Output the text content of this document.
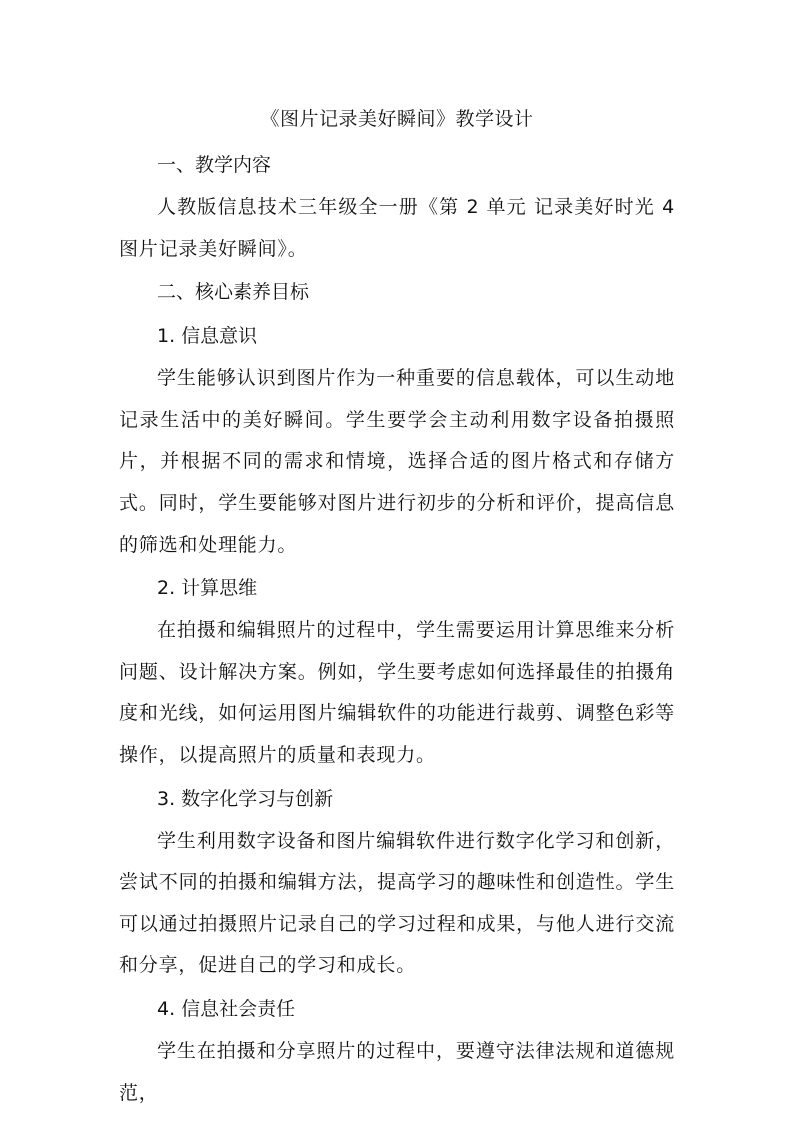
《图片记录美好瞬间》教学设计

一、教学内容

人教版信息技术三年级全一册《第 2 单元 记录美好时光 4 图片记录美好瞬间》。

二、核心素养目标

1. 信息意识

学生能够认识到图片作为一种重要的信息载体，可以生动地记录生活中的美好瞬间。学生要学会主动利用数字设备拍摄照片，并根据不同的需求和情境，选择合适的图片格式和存储方式。同时，学生要能够对图片进行初步的分析和评价，提高信息的筛选和处理能力。

2. 计算思维

在拍摄和编辑照片的过程中，学生需要运用计算思维来分析问题、设计解决方案。例如，学生要考虑如何选择最佳的拍摄角度和光线，如何运用图片编辑软件的功能进行裁剪、调整色彩等操作，以提高照片的质量和表现力。

3. 数字化学习与创新

学生利用数字设备和图片编辑软件进行数字化学习和创新，尝试不同的拍摄和编辑方法，提高学习的趣味性和创造性。学生可以通过拍摄照片记录自己的学习过程和成果，与他人进行交流和分享，促进自己的学习和成长。

4. 信息社会责任

学生在拍摄和分享照片的过程中，要遵守法律法规和道德规范，
